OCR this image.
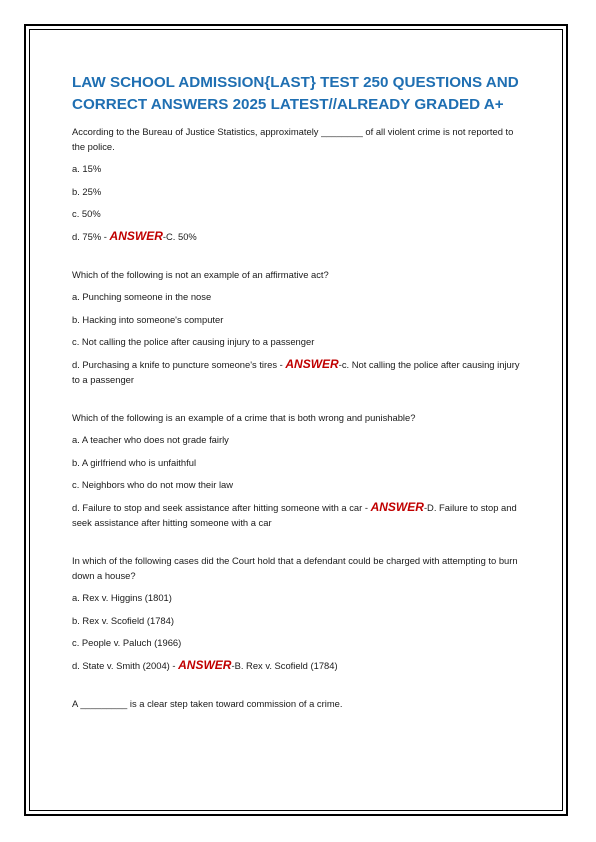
LAW SCHOOL ADMISSION{LAST} TEST 250 QUESTIONS AND CORRECT ANSWERS 2025 LATEST//ALREADY GRADED A+

According to the Bureau of Justice Statistics, approximately ________ of all violent crime is not reported to the police.

a. 15%

b. 25%

c. 50%

d. 75% - ANSWER-C. 50%

Which of the following is not an example of an affirmative act?

a. Punching someone in the nose

b. Hacking into someone's computer

c. Not calling the police after causing injury to a passenger

d. Purchasing a knife to puncture someone's tires - ANSWER-c. Not calling the police after causing injury to a passenger

Which of the following is an example of a crime that is both wrong and punishable?

a. A teacher who does not grade fairly

b. A girlfriend who is unfaithful

c. Neighbors who do not mow their law

d. Failure to stop and seek assistance after hitting someone with a car - ANSWER-D. Failure to stop and seek assistance after hitting someone with a car

In which of the following cases did the Court hold that a defendant could be charged with attempting to burn down a house?

a. Rex v. Higgins (1801)

b. Rex v. Scofield (1784)

c. People v. Paluch (1966)

d. State v. Smith (2004) - ANSWER-B. Rex v. Scofield (1784)

A _________ is a clear step taken toward commission of a crime.
